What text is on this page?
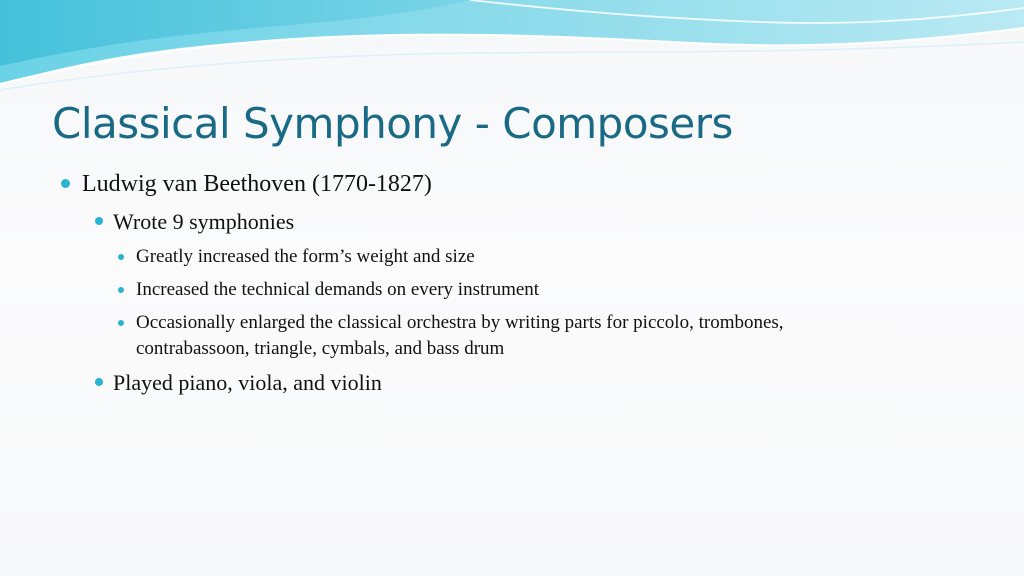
Classical Symphony - Composers
Ludwig van Beethoven (1770-1827)
Wrote 9 symphonies
Greatly increased the form’s weight and size
Increased the technical demands on every instrument
Occasionally enlarged the classical orchestra by writing parts for piccolo, trombones,
contrabassoon, triangle, cymbals, and bass drum
Played piano, viola, and violin
